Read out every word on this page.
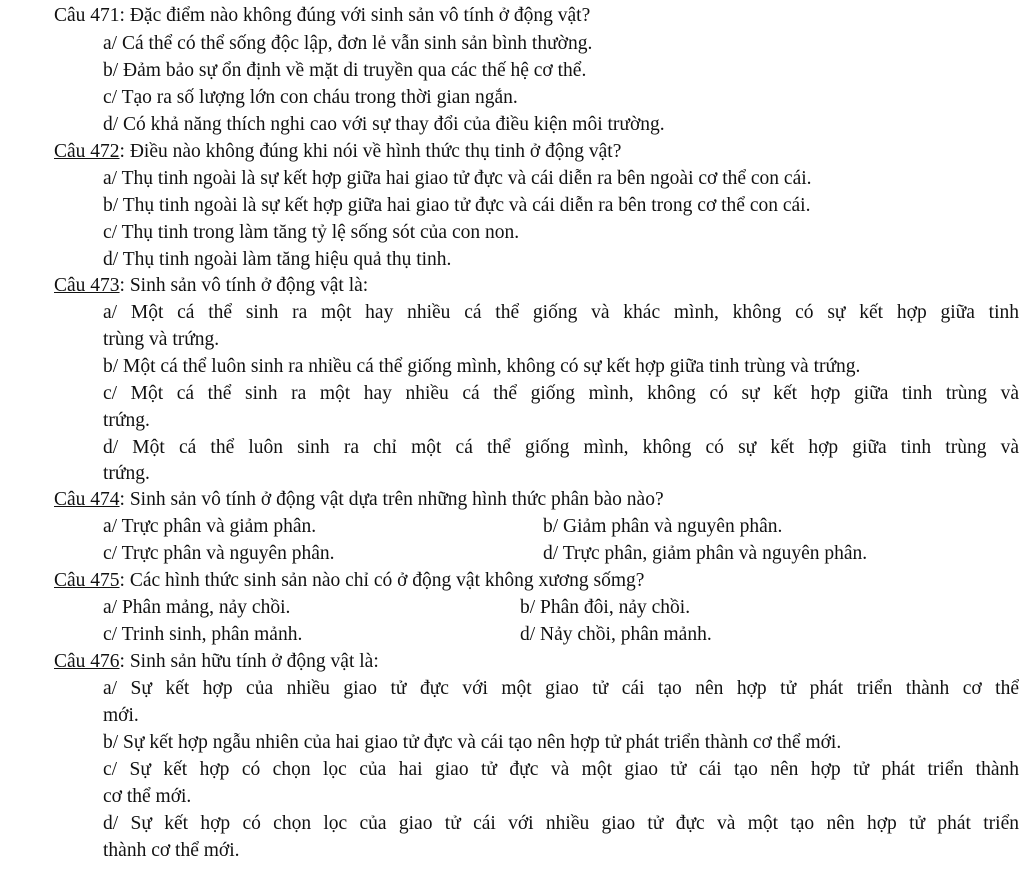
Câu 471: Đặc điểm nào không đúng với sinh sản vô tính ở động vật?
a/ Cá thể có thể sống độc lập, đơn lẻ vẫn sinh sản bình thường.
b/ Đảm bảo sự ổn định về mặt di truyền qua các thế hệ cơ thể.
c/ Tạo ra số lượng lớn con cháu trong thời gian ngắn.
d/ Có khả năng thích nghi cao với sự thay đổi của điều kiện môi trường.
Câu 472: Điều nào không đúng khi nói về hình thức thụ tinh ở động vật?
a/ Thụ tinh ngoài là sự kết hợp giữa hai giao tử đực và cái diễn ra bên ngoài cơ thể con cái.
b/ Thụ tinh ngoài là sự kết hợp giữa hai giao tử đực và cái diễn ra bên trong cơ thể con cái.
c/ Thụ tinh trong làm tăng tỷ lệ sống sót của con non.
d/ Thụ tinh ngoài làm tăng hiệu quả thụ tinh.
Câu 473: Sinh sản vô tính ở động vật là:
a/ Một cá thể sinh ra một hay nhiều cá thể giống và khác mình, không có sự kết hợp giữa tinh
trùng và trứng.
b/ Một cá thể luôn sinh ra nhiều cá thể giống mình, không có sự kết hợp giữa tinh trùng và trứng.
c/ Một cá thể sinh ra một hay nhiều cá thể giống mình, không có sự kết hợp giữa tinh trùng và
trứng.
d/ Một cá thể luôn sinh ra chỉ một cá thể giống mình, không có sự kết hợp giữa tinh trùng và
trứng.
Câu 474: Sinh sản vô tính ở động vật dựa trên những hình thức phân bào nào?
a/ Trực phân và giảm phân.	b/ Giảm phân và nguyên phân.
c/ Trực phân và nguyên phân.	d/ Trực phân, giảm phân và nguyên phân.
Câu 475: Các hình thức sinh sản nào chỉ có ở động vật không xương sốmg?
a/ Phân mảng, nảy chồi.	b/ Phân đôi, nảy chồi.
c/ Trinh sinh, phân mảnh.	d/ Nảy chồi, phân mảnh.
Câu 476: Sinh sản hữu tính ở động vật là:
a/ Sự kết hợp của nhiều giao tử đực với một giao tử cái tạo nên hợp tử phát triển thành cơ thể
mới.
b/ Sự kết hợp ngẫu nhiên của hai giao tử đực và cái tạo nên hợp tử phát triển thành cơ thể mới.
c/ Sự kết hợp có chọn lọc của hai giao tử đực và một giao tử cái tạo nên hợp tử phát triển thành
cơ thể mới.
d/ Sự kết hợp có chọn lọc của giao tử cái với nhiều giao tử đực và một tạo nên hợp tử phát triển
thành cơ thể mới.
